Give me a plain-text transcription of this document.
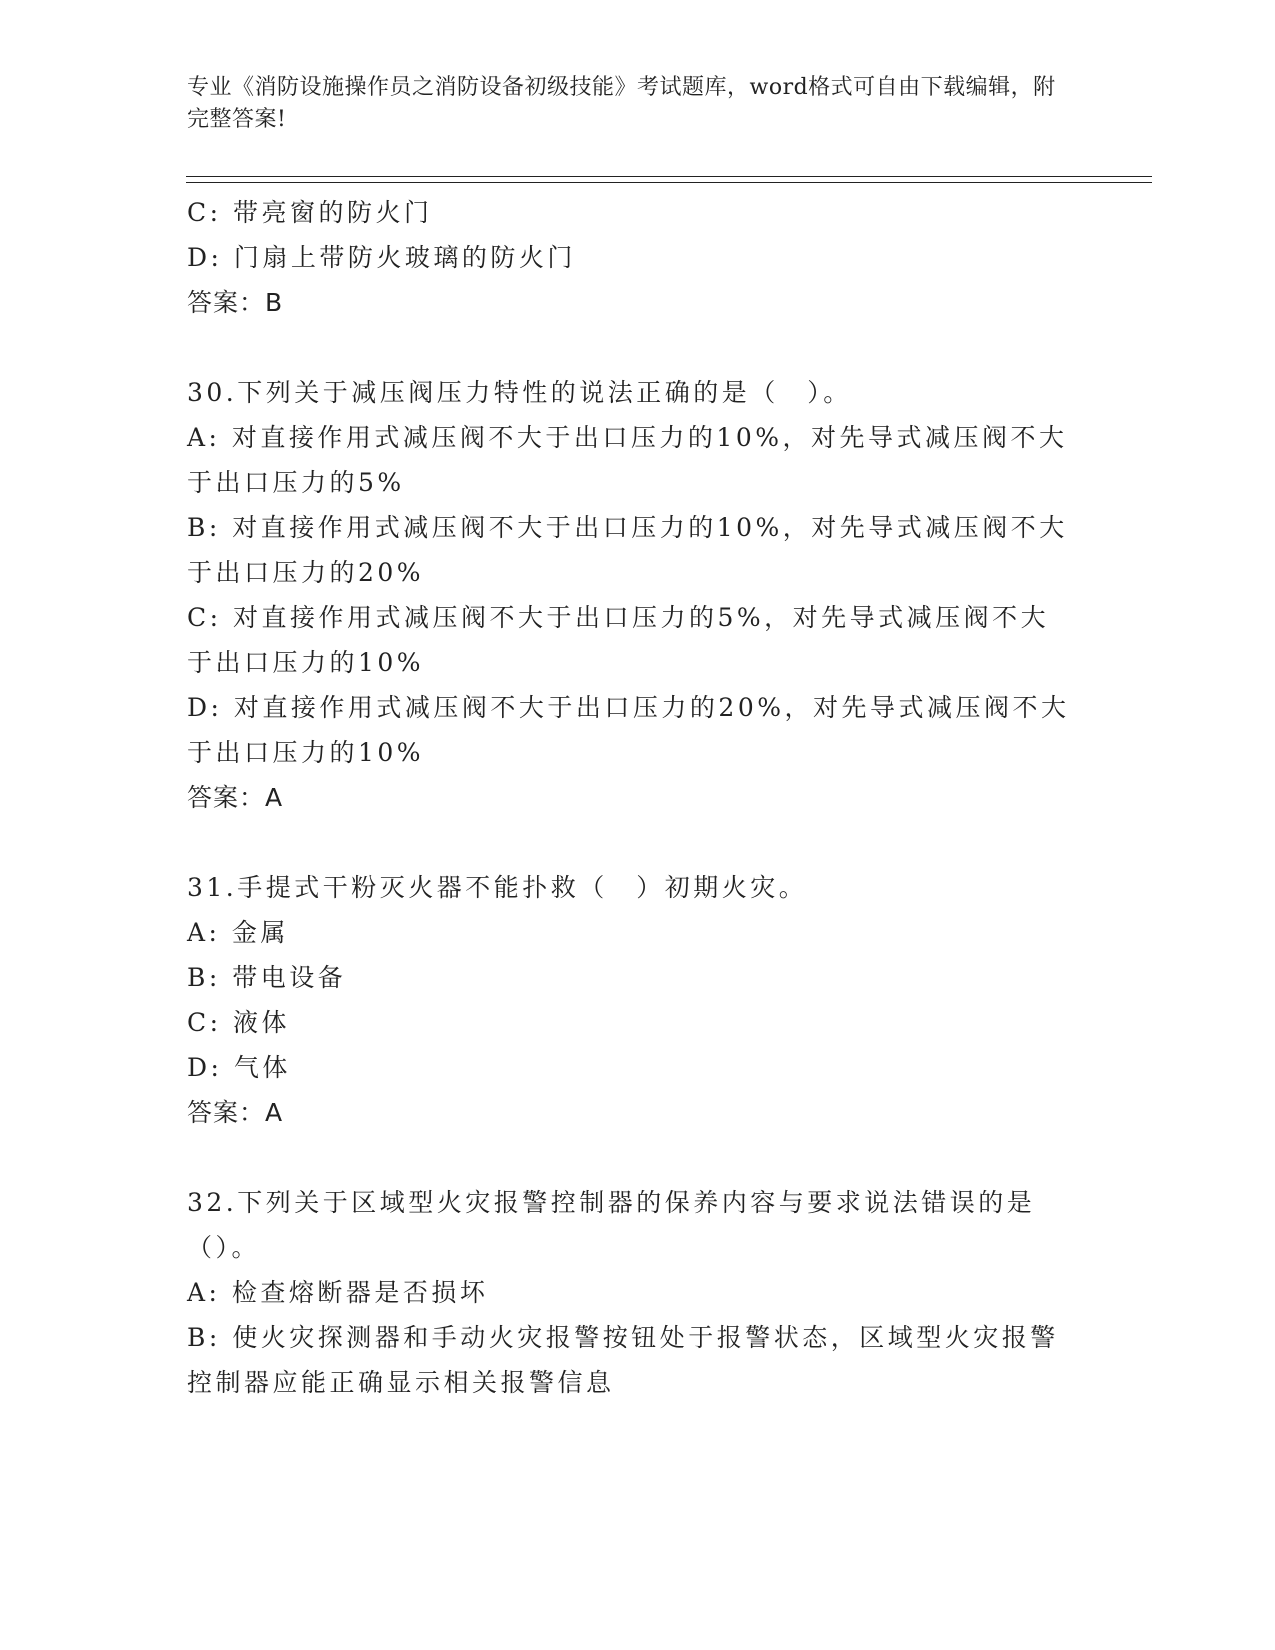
专业《消防设施操作员之消防设备初级技能》考试题库，word格式可自由下载编辑，附完整答案!
C: 带亮窗的防火门
D: 门扇上带防火玻璃的防火门
答案：B
30.下列关于减压阀压力特性的说法正确的是（　）。
A: 对直接作用式减压阀不大于出口压力的10%，对先导式减压阀不大于出口压力的5%
B: 对直接作用式减压阀不大于出口压力的10%，对先导式减压阀不大于出口压力的20%
C: 对直接作用式减压阀不大于出口压力的5%，对先导式减压阀不大于出口压力的10%
D: 对直接作用式减压阀不大于出口压力的20%，对先导式减压阀不大于出口压力的10%
答案：A
31.手提式干粉灭火器不能扑救（　）初期火灾。
A: 金属
B: 带电设备
C: 液体
D: 气体
答案：A
32.下列关于区域型火灾报警控制器的保养内容与要求说法错误的是（）。
A: 检查熔断器是否损坏
B: 使火灾探测器和手动火灾报警按钮处于报警状态，区域型火灾报警控制器应能正确显示相关报警信息
